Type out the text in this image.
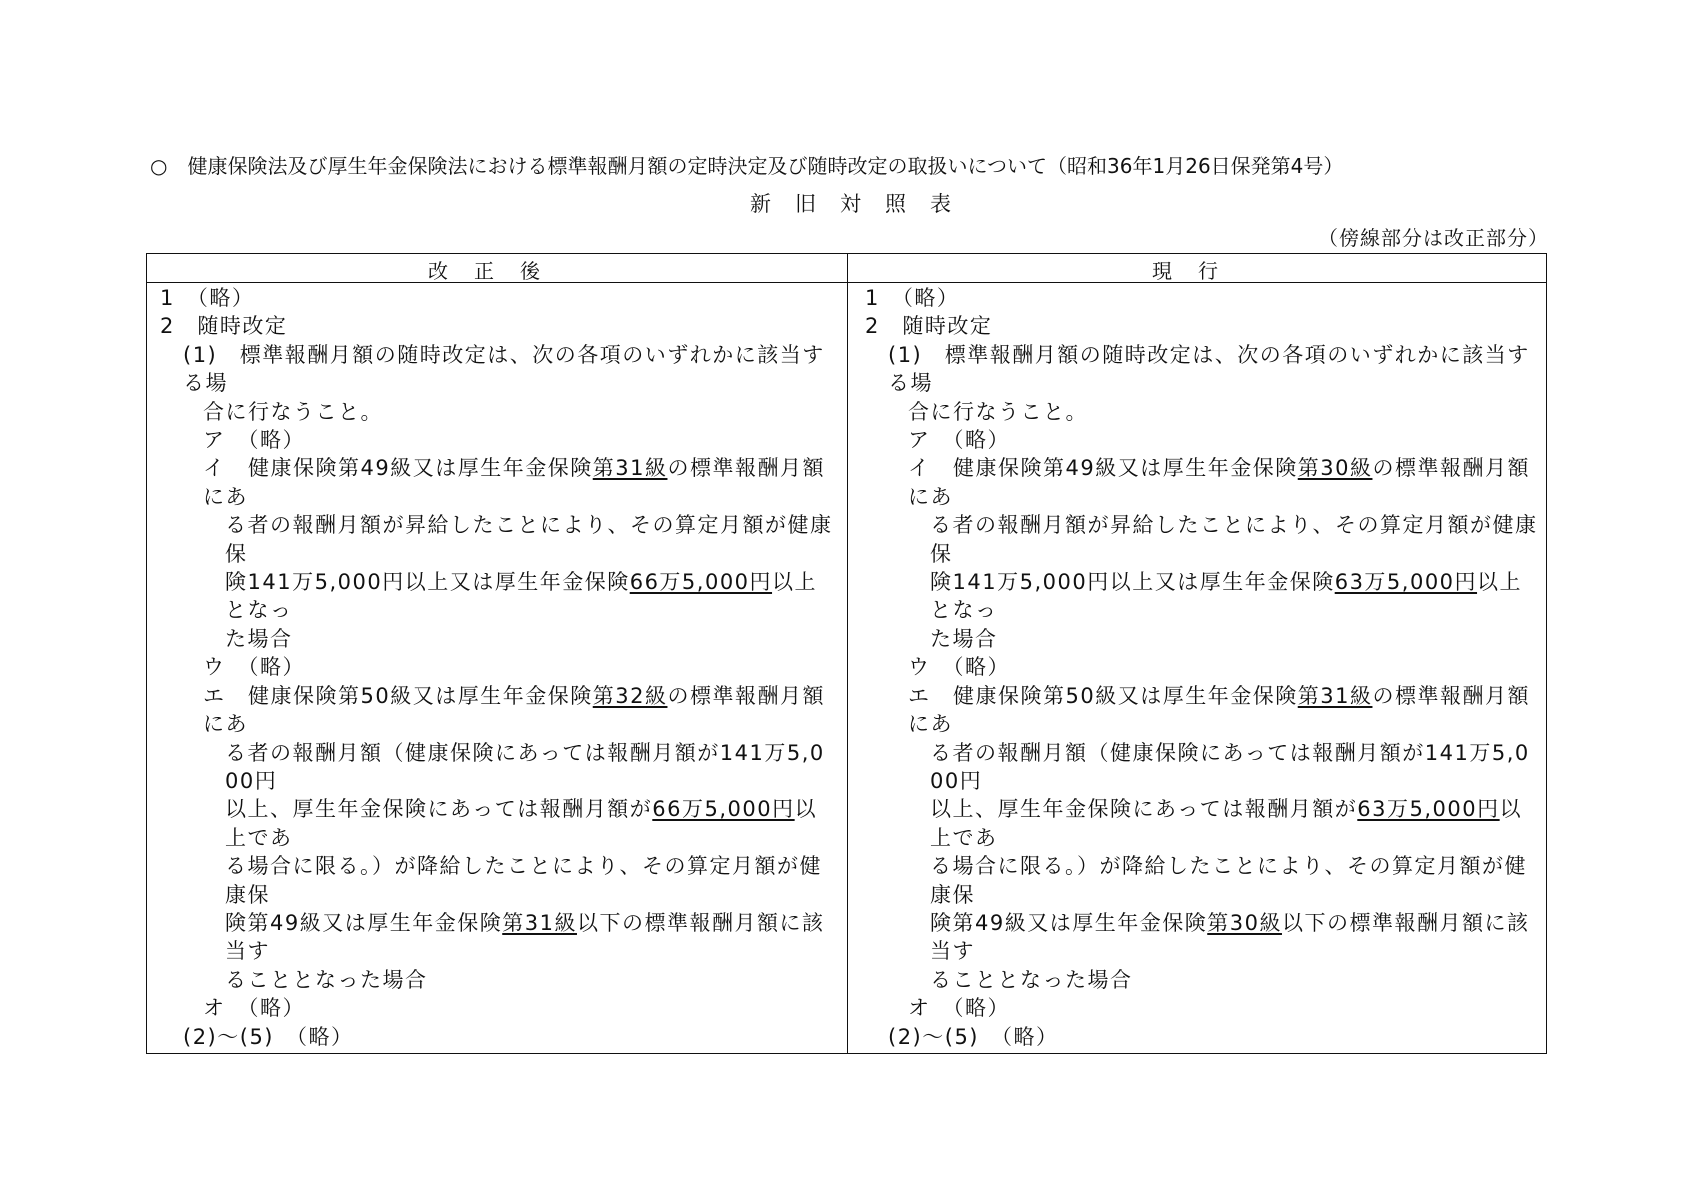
○　健康保険法及び厚生年金保険法における標準報酬月額の定時決定及び随時改定の取扱いについて（昭和36年1月26日保発第4号）
新旧対照表
（傍線部分は改正部分）
改正後	現行
1　（略）
2　随時改定
(1)　標準報酬月額の随時改定は、次の各項のいずれかに該当する場
合に行なうこと。
ア　（略）
イ　健康保険第49級又は厚生年金保険第31級の標準報酬月額にあ
る者の報酬月額が昇給したことにより、その算定月額が健康保
険141万5,000円以上又は厚生年金保険66万5,000円以上となっ
た場合
ウ　（略）
エ　健康保険第50級又は厚生年金保険第32級の標準報酬月額にあ
る者の報酬月額（健康保険にあっては報酬月額が141万5,000円
以上、厚生年金保険にあっては報酬月額が66万5,000円以上であ
る場合に限る。）が降給したことにより、その算定月額が健康保
険第49級又は厚生年金保険第31級以下の標準報酬月額に該当す
ることとなった場合
オ　（略）
(2)～(5)　（略）
1　（略）
2　随時改定
(1)　標準報酬月額の随時改定は、次の各項のいずれかに該当する場
合に行なうこと。
ア　（略）
イ　健康保険第49級又は厚生年金保険第30級の標準報酬月額にあ
る者の報酬月額が昇給したことにより、その算定月額が健康保
険141万5,000円以上又は厚生年金保険63万5,000円以上となっ
た場合
ウ　（略）
エ　健康保険第50級又は厚生年金保険第31級の標準報酬月額にあ
る者の報酬月額（健康保険にあっては報酬月額が141万5,000円
以上、厚生年金保険にあっては報酬月額が63万5,000円以上であ
る場合に限る。）が降給したことにより、その算定月額が健康保
険第49級又は厚生年金保険第30級以下の標準報酬月額に該当す
ることとなった場合
オ　（略）
(2)～(5)　（略）
